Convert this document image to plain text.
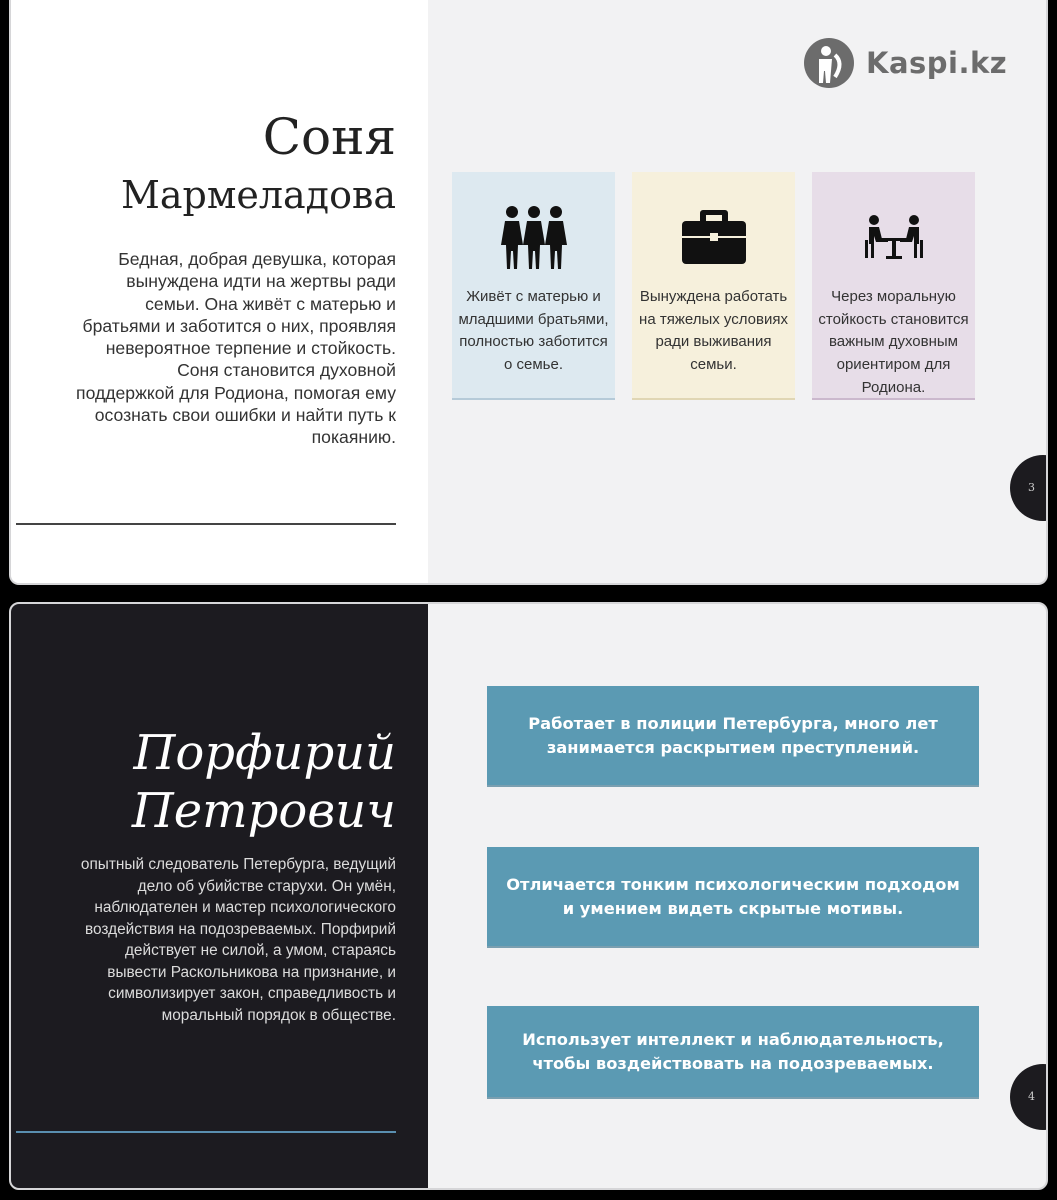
Соня
Мармеладова
Бедная, добрая девушка, которая вынуждена идти на жертвы ради семьи. Она живёт с матерью и братьями и заботится о них, проявляя невероятное терпение и стойкость. Соня становится духовной поддержкой для Родиона, помогая ему осознать свои ошибки и найти путь к покаянию.
Kaspi.kz
Живёт с матерью и младшими братьями, полностью заботится о семье.
Вынуждена работать на тяжелых условиях ради выживания семьи.
Через моральную стойкость становится важным духовным ориентиром для Родиона.
3
Порфирий
Петрович
опытный следователь Петербурга, ведущий дело об убийстве старухи. Он умён, наблюдателен и мастер психологического воздействия на подозреваемых. Порфирий действует не силой, а умом, стараясь вывести Раскольникова на признание, и символизирует закон, справедливость и моральный порядок в обществе.
Работает в полиции Петербурга, много лет занимается раскрытием преступлений.
Отличается тонким психологическим подходом и умением видеть скрытые мотивы.
Использует интеллект и наблюдательность, чтобы воздействовать на подозреваемых.
4
